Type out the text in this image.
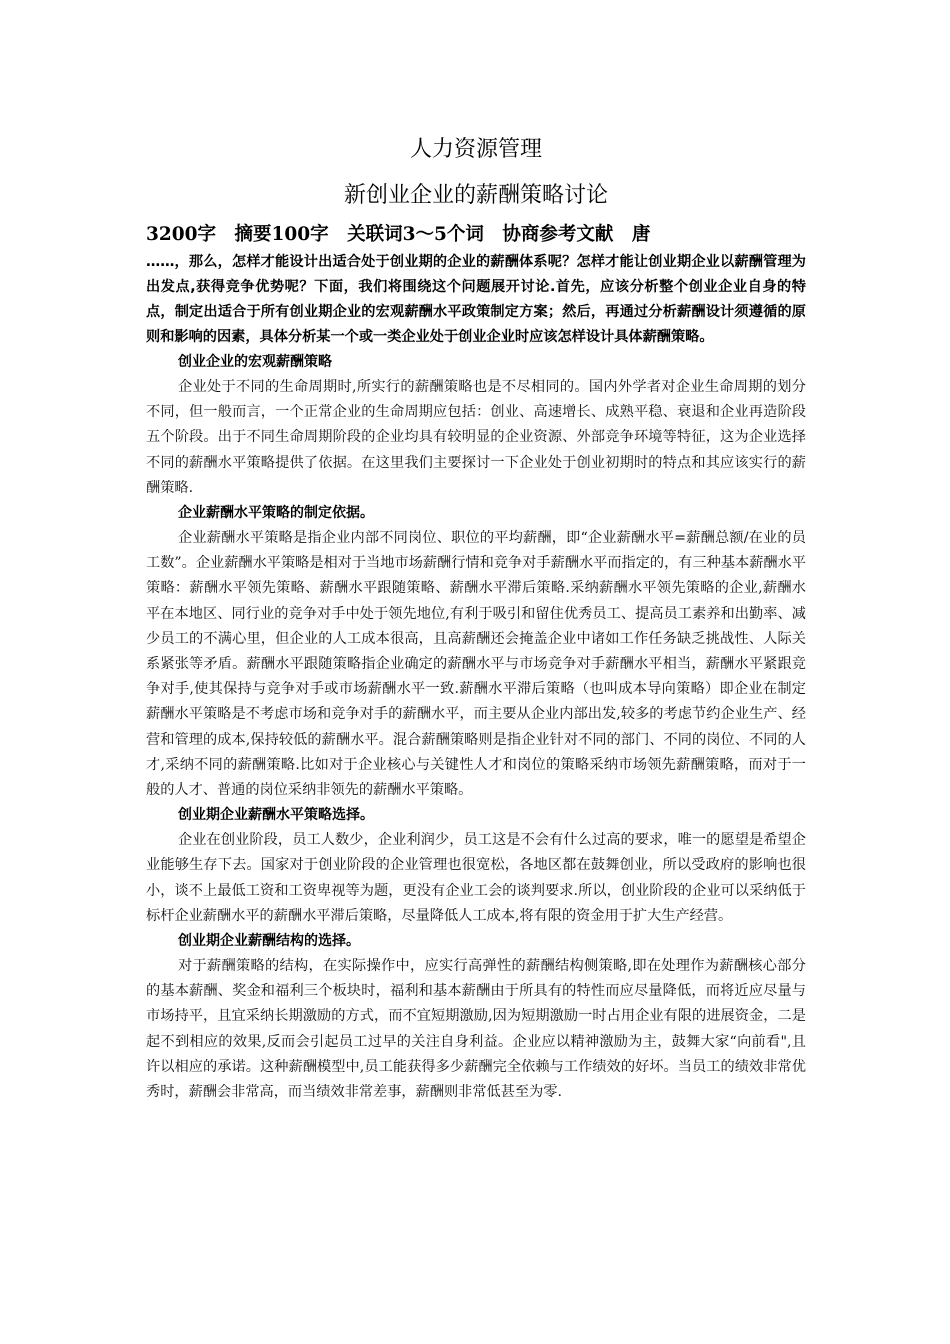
人力资源管理
新创业企业的薪酬策略讨论
3200字　摘要100字　关联词3～5个词　协商参考文献　唐

……，那么，怎样才能设计出适合处于创业期的企业的薪酬体系呢？怎样才能让创业期企业以薪酬管理为出发点,获得竞争优势呢？下面，我们将围绕这个问题展开讨论.首先，应该分析整个创业企业自身的特点，制定出适合于所有创业期企业的宏观薪酬水平政策制定方案；然后，再通过分析薪酬设计须遵循的原则和影响的因素，具体分析某一个或一类企业处于创业企业时应该怎样设计具体薪酬策略。

创业企业的宏观薪酬策略

企业处于不同的生命周期时,所实行的薪酬策略也是不尽相同的。国内外学者对企业生命周期的划分不同，但一般而言，一个正常企业的生命周期应包括：创业、高速增长、成熟平稳、衰退和企业再造阶段五个阶段。出于不同生命周期阶段的企业均具有较明显的企业资源、外部竞争环境等特征，这为企业选择不同的薪酬水平策略提供了依据。在这里我们主要探讨一下企业处于创业初期时的特点和其应该实行的薪酬策略.

企业薪酬水平策略的制定依据。

企业薪酬水平策略是指企业内部不同岗位、职位的平均薪酬，即“企业薪酬水平=薪酬总额/在业的员工数”。企业薪酬水平策略是相对于当地市场薪酬行情和竞争对手薪酬水平而指定的，有三种基本薪酬水平策略：薪酬水平领先策略、薪酬水平跟随策略、薪酬水平滞后策略.采纳薪酬水平领先策略的企业,薪酬水平在本地区、同行业的竞争对手中处于领先地位,有利于吸引和留住优秀员工、提高员工素养和出勤率、减少员工的不满心里，但企业的人工成本很高，且高薪酬还会掩盖企业中诸如工作任务缺乏挑战性、人际关系紧张等矛盾。薪酬水平跟随策略指企业确定的薪酬水平与市场竞争对手薪酬水平相当，薪酬水平紧跟竞争对手,使其保持与竞争对手或市场薪酬水平一致.薪酬水平滞后策略（也叫成本导向策略）即企业在制定薪酬水平策略是不考虑市场和竞争对手的薪酬水平，而主要从企业内部出发,较多的考虑节约企业生产、经营和管理的成本,保持较低的薪酬水平。混合薪酬策略则是指企业针对不同的部门、不同的岗位、不同的人才,采纳不同的薪酬策略.比如对于企业核心与关键性人才和岗位的策略采纳市场领先薪酬策略，而对于一般的人才、普通的岗位采纳非领先的薪酬水平策略。

创业期企业薪酬水平策略选择。

企业在创业阶段，员工人数少，企业利润少，员工这是不会有什么过高的要求，唯一的愿望是希望企业能够生存下去。国家对于创业阶段的企业管理也很宽松，各地区都在鼓舞创业，所以受政府的影响也很小，谈不上最低工资和工资卑视等为题，更没有企业工会的谈判要求.所以，创业阶段的企业可以采纳低于标杆企业薪酬水平的薪酬水平滞后策略，尽量降低人工成本,将有限的资金用于扩大生产经营。

创业期企业薪酬结构的选择。

对于薪酬策略的结构，在实际操作中，应实行高弹性的薪酬结构侧策略,即在处理作为薪酬核心部分的基本薪酬、奖金和福利三个板块时，福利和基本薪酬由于所具有的特性而应尽量降低，而将近应尽量与市场持平，且宜采纳长期激励的方式，而不宜短期激励,因为短期激励一时占用企业有限的进展资金，二是起不到相应的效果,反而会引起员工过早的关注自身利益。企业应以精神激励为主，鼓舞大家“向前看",且许以相应的承诺。这种薪酬模型中,员工能获得多少薪酬完全依赖与工作绩效的好坏。当员工的绩效非常优秀时，薪酬会非常高，而当绩效非常差事，薪酬则非常低甚至为零.
